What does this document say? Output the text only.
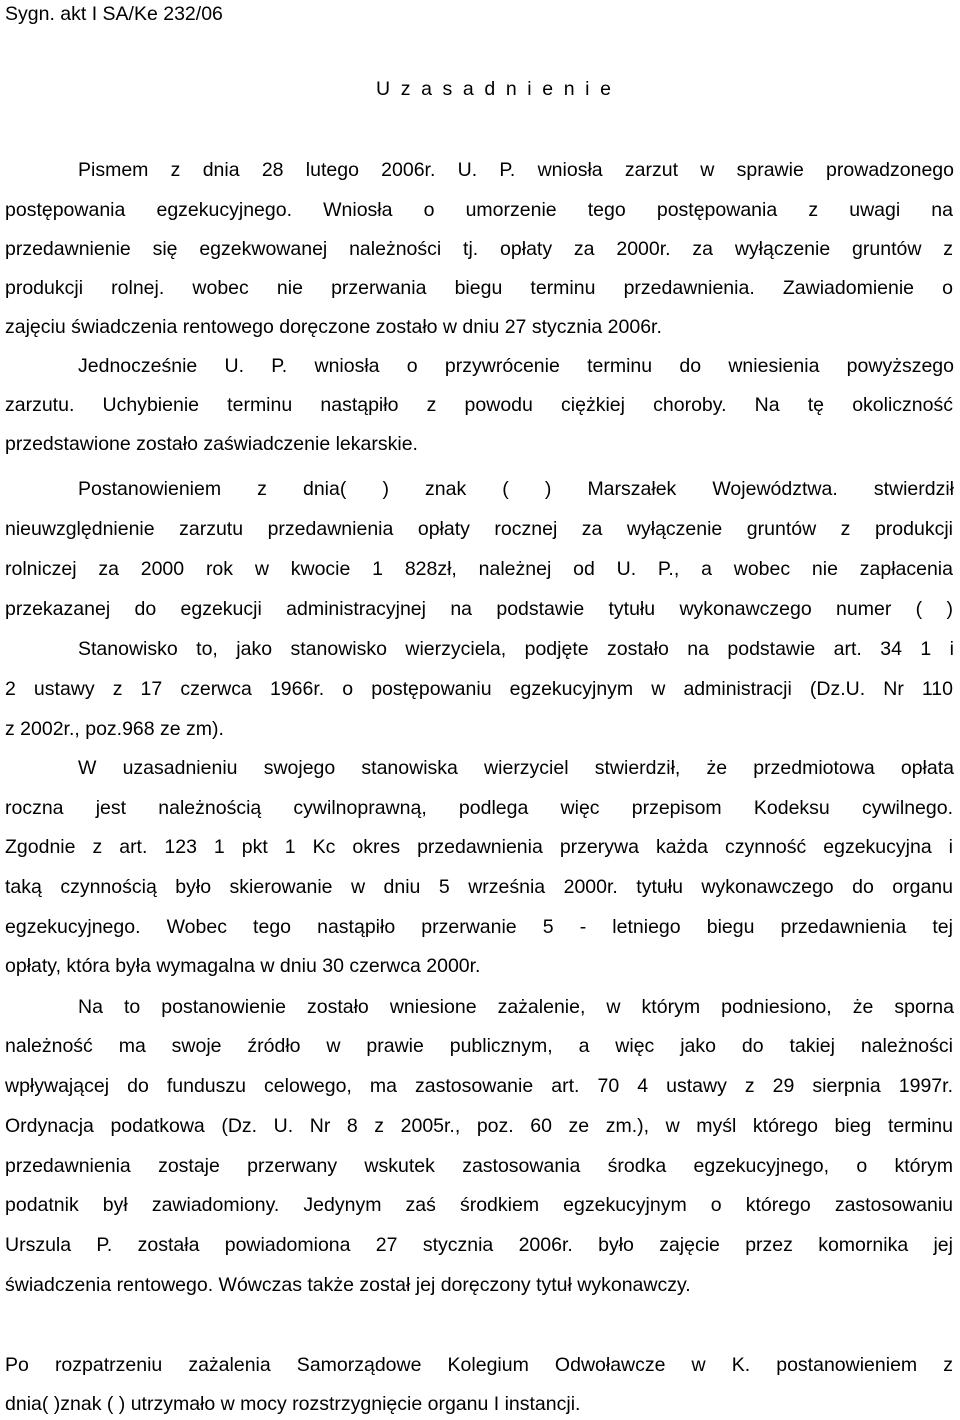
Sygn. akt I SA/Ke 232/06
U z a s a d n i e n i e
Pismem z dnia 28 lutego 2006r. U. P. wniosła zarzut w sprawie prowadzonego
postępowania egzekucyjnego. Wniosła o umorzenie tego postępowania z uwagi na
przedawnienie się egzekwowanej należności tj. opłaty za 2000r. za wyłączenie gruntów z
produkcji rolnej. wobec nie przerwania biegu terminu przedawnienia. Zawiadomienie o
zajęciu świadczenia rentowego doręczone zostało w dniu 27 stycznia 2006r.
Jednocześnie U. P. wniosła o przywrócenie terminu do wniesienia powyższego
zarzutu. Uchybienie terminu nastąpiło z powodu ciężkiej choroby. Na tę okoliczność
przedstawione zostało zaświadczenie lekarskie.
Postanowieniem z dnia( ) znak ( ) Marszałek Województwa. stwierdził
nieuwzględnienie zarzutu przedawnienia opłaty rocznej za wyłączenie gruntów z produkcji
rolniczej za 2000 rok w kwocie 1 828zł, należnej od U. P., a wobec nie zapłacenia
przekazanej do egzekucji administracyjnej na podstawie tytułu wykonawczego numer ( )
Stanowisko to, jako stanowisko wierzyciela, podjęte zostało na podstawie art. 34 1 i
2 ustawy z 17 czerwca 1966r. o postępowaniu egzekucyjnym w administracji (Dz.U. Nr 110
z 2002r., poz.968 ze zm).
W uzasadnieniu swojego stanowiska wierzyciel stwierdził, że przedmiotowa opłata
roczna jest należnością cywilnoprawną, podlega więc przepisom Kodeksu cywilnego.
Zgodnie z art. 123 1 pkt 1 Kc okres przedawnienia przerywa każda czynność egzekucyjna i
taką czynnością było skierowanie w dniu 5 września 2000r. tytułu wykonawczego do organu
egzekucyjnego. Wobec tego nastąpiło przerwanie 5 - letniego biegu przedawnienia tej
opłaty, która była wymagalna w dniu 30 czerwca 2000r.
Na to postanowienie zostało wniesione zażalenie, w którym podniesiono, że sporna
należność ma swoje źródło w prawie publicznym, a więc jako do takiej należności
wpływającej do funduszu celowego, ma zastosowanie art. 70 4 ustawy z 29 sierpnia 1997r.
Ordynacja podatkowa (Dz. U. Nr 8 z 2005r., poz. 60 ze zm.), w myśl którego bieg terminu
przedawnienia zostaje przerwany wskutek zastosowania środka egzekucyjnego, o którym
podatnik był zawiadomiony. Jedynym zaś środkiem egzekucyjnym o którego zastosowaniu
Urszula P. została powiadomiona 27 stycznia 2006r. było zajęcie przez komornika jej
świadczenia rentowego. Wówczas także został jej doręczony tytuł wykonawczy.
Po rozpatrzeniu zażalenia Samorządowe Kolegium Odwoławcze w K. postanowieniem z
dnia( )znak ( ) utrzymało w mocy rozstrzygnięcie organu I instancji.
